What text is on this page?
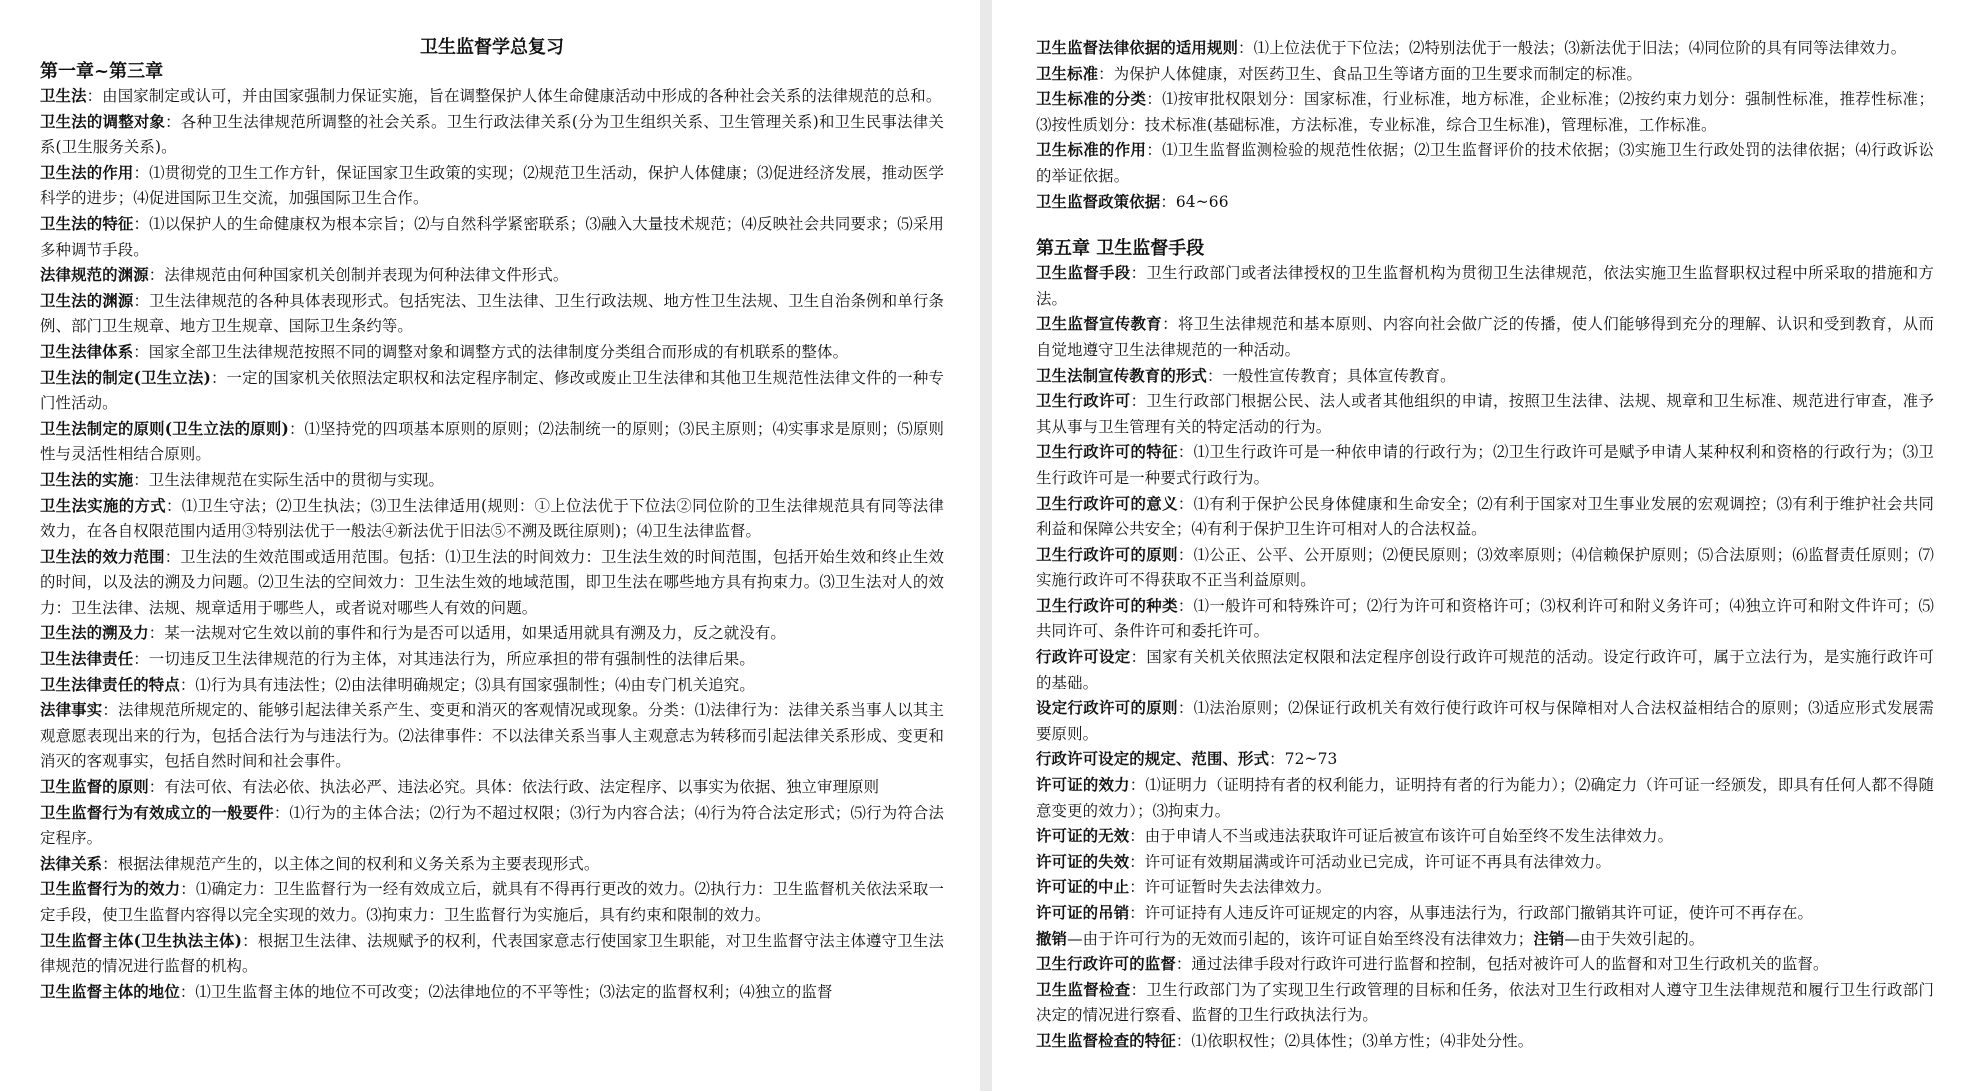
卫生监督学总复习

第一章~第三章

卫生法：由国家制定或认可，并由国家强制力保证实施，旨在调整保护人体生命健康活动中形成的各种社会关系的法律规范的总和。

卫生法的调整对象：各种卫生法律规范所调整的社会关系。卫生行政法律关系(分为卫生组织关系、卫生管理关系)和卫生民事法律关系(卫生服务关系)。

卫生法的作用：⑴贯彻党的卫生工作方针，保证国家卫生政策的实现；⑵规范卫生活动，保护人体健康；⑶促进经济发展，推动医学科学的进步；⑷促进国际卫生交流，加强国际卫生合作。

卫生法的特征：⑴以保护人的生命健康权为根本宗旨；⑵与自然科学紧密联系；⑶融入大量技术规范；⑷反映社会共同要求；⑸采用多种调节手段。

法律规范的渊源：法律规范由何种国家机关创制并表现为何种法律文件形式。

卫生法的渊源：卫生法律规范的各种具体表现形式。包括宪法、卫生法律、卫生行政法规、地方性卫生法规、卫生自治条例和单行条例、部门卫生规章、地方卫生规章、国际卫生条约等。

卫生法律体系：国家全部卫生法律规范按照不同的调整对象和调整方式的法律制度分类组合而形成的有机联系的整体。

卫生法的制定(卫生立法)：一定的国家机关依照法定职权和法定程序制定、修改或废止卫生法律和其他卫生规范性法律文件的一种专门性活动。

卫生法制定的原则(卫生立法的原则)：⑴坚持党的四项基本原则的原则；⑵法制统一的原则；⑶民主原则；⑷实事求是原则；⑸原则性与灵活性相结合原则。

卫生法的实施：卫生法律规范在实际生活中的贯彻与实现。

卫生法实施的方式：⑴卫生守法；⑵卫生执法；⑶卫生法律适用(规则：①上位法优于下位法②同位阶的卫生法律规范具有同等法律效力，在各自权限范围内适用③特别法优于一般法④新法优于旧法⑤不溯及既往原则)；⑷卫生法律监督。

卫生法的效力范围：卫生法的生效范围或适用范围。包括：⑴卫生法的时间效力：卫生法生效的时间范围，包括开始生效和终止生效的时间，以及法的溯及力问题。⑵卫生法的空间效力：卫生法生效的地域范围，即卫生法在哪些地方具有拘束力。⑶卫生法对人的效力：卫生法律、法规、规章适用于哪些人，或者说对哪些人有效的问题。

卫生法的溯及力：某一法规对它生效以前的事件和行为是否可以适用，如果适用就具有溯及力，反之就没有。

卫生法律责任：一切违反卫生法律规范的行为主体，对其违法行为，所应承担的带有强制性的法律后果。

卫生法律责任的特点：⑴行为具有违法性；⑵由法律明确规定；⑶具有国家强制性；⑷由专门机关追究。

法律事实：法律规范所规定的、能够引起法律关系产生、变更和消灭的客观情况或现象。分类：⑴法律行为：法律关系当事人以其主观意愿表现出来的行为，包括合法行为与违法行为。⑵法律事件：不以法律关系当事人主观意志为转移而引起法律关系形成、变更和消灭的客观事实，包括自然时间和社会事件。

卫生监督的原则：有法可依、有法必依、执法必严、违法必究。具体：依法行政、法定程序、以事实为依据、独立审理原则

卫生监督行为有效成立的一般要件：⑴行为的主体合法；⑵行为不超过权限；⑶行为内容合法；⑷行为符合法定形式；⑸行为符合法定程序。

法律关系：根据法律规范产生的，以主体之间的权利和义务关系为主要表现形式。

卫生监督行为的效力：⑴确定力：卫生监督行为一经有效成立后，就具有不得再行更改的效力。⑵执行力：卫生监督机关依法采取一定手段，使卫生监督内容得以完全实现的效力。⑶拘束力：卫生监督行为实施后，具有约束和限制的效力。

卫生监督主体(卫生执法主体)：根据卫生法律、法规赋予的权利，代表国家意志行使国家卫生职能，对卫生监督守法主体遵守卫生法律规范的情况进行监督的机构。

卫生监督主体的地位：⑴卫生监督主体的地位不可改变；⑵法律地位的不平等性；⑶法定的监督权利；⑷独立的监督

卫生监督法律依据的适用规则：⑴上位法优于下位法；⑵特别法优于一般法；⑶新法优于旧法；⑷同位阶的具有同等法律效力。

卫生标准：为保护人体健康，对医药卫生、食品卫生等诸方面的卫生要求而制定的标准。

卫生标准的分类：⑴按审批权限划分：国家标准，行业标准，地方标准，企业标准；⑵按约束力划分：强制性标准，推荐性标准；⑶按性质划分：技术标准(基础标准，方法标准，专业标准，综合卫生标准)，管理标准，工作标准。

卫生标准的作用：⑴卫生监督监测检验的规范性依据；⑵卫生监督评价的技术依据；⑶实施卫生行政处罚的法律依据；⑷行政诉讼的举证依据。

卫生监督政策依据：64~66

第五章 卫生监督手段

卫生监督手段：卫生行政部门或者法律授权的卫生监督机构为贯彻卫生法律规范，依法实施卫生监督职权过程中所采取的措施和方法。

卫生监督宣传教育：将卫生法律规范和基本原则、内容向社会做广泛的传播，使人们能够得到充分的理解、认识和受到教育，从而自觉地遵守卫生法律规范的一种活动。

卫生法制宣传教育的形式：一般性宣传教育；具体宣传教育。

卫生行政许可：卫生行政部门根据公民、法人或者其他组织的申请，按照卫生法律、法规、规章和卫生标准、规范进行审查，准予其从事与卫生管理有关的特定活动的行为。

卫生行政许可的特征：⑴卫生行政许可是一种依申请的行政行为；⑵卫生行政许可是赋予申请人某种权利和资格的行政行为；⑶卫生行政许可是一种要式行政行为。

卫生行政许可的意义：⑴有利于保护公民身体健康和生命安全；⑵有利于国家对卫生事业发展的宏观调控；⑶有利于维护社会共同利益和保障公共安全；⑷有利于保护卫生许可相对人的合法权益。

卫生行政许可的原则：⑴公正、公平、公开原则；⑵便民原则；⑶效率原则；⑷信赖保护原则；⑸合法原则；⑹监督责任原则；⑺实施行政许可不得获取不正当利益原则。

卫生行政许可的种类：⑴一般许可和特殊许可；⑵行为许可和资格许可；⑶权利许可和附义务许可；⑷独立许可和附文件许可；⑸共同许可、条件许可和委托许可。

行政许可设定：国家有关机关依照法定权限和法定程序创设行政许可规范的活动。设定行政许可，属于立法行为，是实施行政许可的基础。

设定行政许可的原则：⑴法治原则；⑵保证行政机关有效行使行政许可权与保障相对人合法权益相结合的原则；⑶适应形式发展需要原则。

行政许可设定的规定、范围、形式：72~73

许可证的效力：⑴证明力（证明持有者的权利能力，证明持有者的行为能力）；⑵确定力（许可证一经颁发，即具有任何人都不得随意变更的效力）；⑶拘束力。

许可证的无效：由于申请人不当或违法获取许可证后被宣布该许可自始至终不发生法律效力。

许可证的失效：许可证有效期届满或许可活动业已完成，许可证不再具有法律效力。

许可证的中止：许可证暂时失去法律效力。

许可证的吊销：许可证持有人违反许可证规定的内容，从事违法行为，行政部门撤销其许可证，使许可不再存在。

撤销—由于许可行为的无效而引起的，该许可证自始至终没有法律效力；注销—由于失效引起的。

卫生行政许可的监督：通过法律手段对行政许可进行监督和控制，包括对被许可人的监督和对卫生行政机关的监督。

卫生监督检查：卫生行政部门为了实现卫生行政管理的目标和任务，依法对卫生行政相对人遵守卫生法律规范和履行卫生行政部门决定的情况进行察看、监督的卫生行政执法行为。

卫生监督检查的特征：⑴依职权性；⑵具体性；⑶单方性；⑷非处分性。
